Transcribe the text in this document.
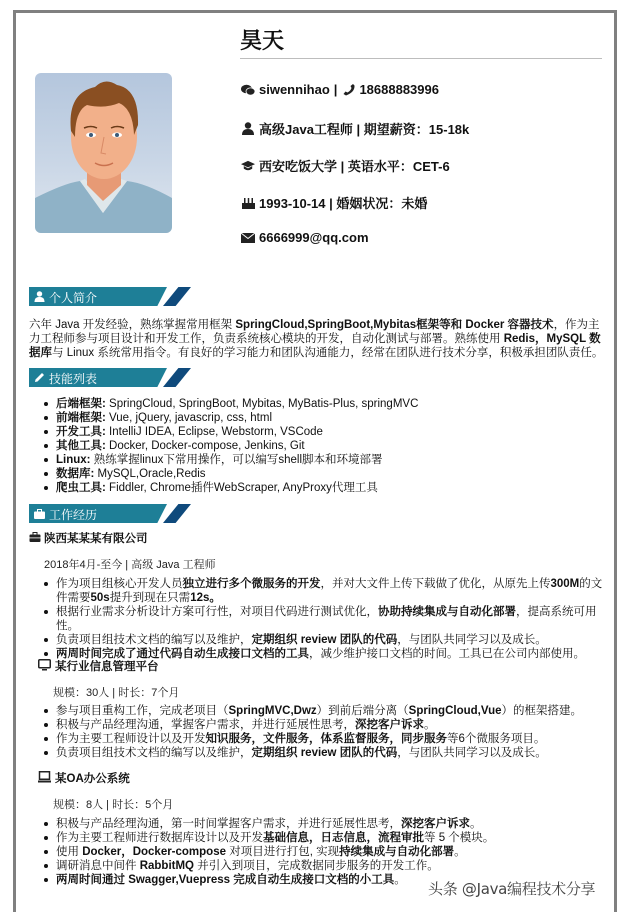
昊天
siwennihao | 18688883996
高级Java工程师 | 期望薪资：15-18k
西安吃饭大学 | 英语水平：CET-6
1993-10-14 | 婚姻状况：未婚
6666999@qq.com
个人简介
六年 Java 开发经验，熟练掌握常用框架 SpringCloud,SpringBoot,Mybitas框架等和 Docker 容器技术，作为主力工程师参与项目设计和开发工作，负责系统核心模块的开发，自动化测试与部署。熟练使用 Redis，MySQL 数据库与 Linux 系统常用指令。有良好的学习能力和团队沟通能力，经常在团队进行技术分享，积极承担团队责任。
技能列表
后端框架: SpringCloud, SpringBoot, Mybitas, MyBatis-Plus, springMVC
前端框架: Vue, jQuery, javascrip, css, html
开发工具: IntelliJ IDEA, Eclipse, Webstorm, VSCode
其他工具: Docker, Docker-compose, Jenkins, Git
Linux: 熟练掌握linux下常用操作，可以编写shell脚本和环境部署
数据库: MySQL,Oracle,Redis
爬虫工具: Fiddler, Chrome插件WebScraper, AnyProxy代理工具
工作经历
陕西某某某有限公司
2018年4月-至今 | 高级 Java 工程师
作为项目组核心开发人员独立进行多个微服务的开发，并对大文件上传下载做了优化，从原先上传300M的文件需要50s提升到现在只需12s。
根据行业需求分析设计方案可行性，对项目代码进行测试优化，协助持续集成与自动化部署，提高系统可用性。
负责项目组技术文档的编写以及维护，定期组织 review 团队的代码，与团队共同学习以及成长。
两周时间完成了通过代码自动生成接口文档的工具，减少维护接口文档的时间。工具已在公司内部使用。
某行业信息管理平台
规模：30人 | 时长：7个月
参与项目重构工作，完成老项目（SpringMVC,Dwz）到前后端分离（SpringCloud,Vue）的框架搭建。
积极与产品经理沟通，掌握客户需求，并进行延展性思考，深挖客户诉求。
作为主要工程师设计以及开发知识服务，文件服务，体系监督服务，同步服务等6个微服务项目。
负责项目组技术文档的编写以及维护，定期组织 review 团队的代码，与团队共同学习以及成长。
某OA办公系统
规模：8人 | 时长：5个月
积极与产品经理沟通，第一时间掌握客户需求，并进行延展性思考，深挖客户诉求。
作为主要工程师进行数据库设计以及开发基础信息，日志信息，流程审批等 5 个模块。
使用 Docker，Docker-compose 对项目进行打包, 实现持续集成与自动化部署。
调研消息中间件 RabbitMQ 并引入到项目，完成数据同步服务的开发工作。
两周时间通过 Swagger,Vuepress 完成自动生成接口文档的小工具。	头条 @Java编程技术分享
